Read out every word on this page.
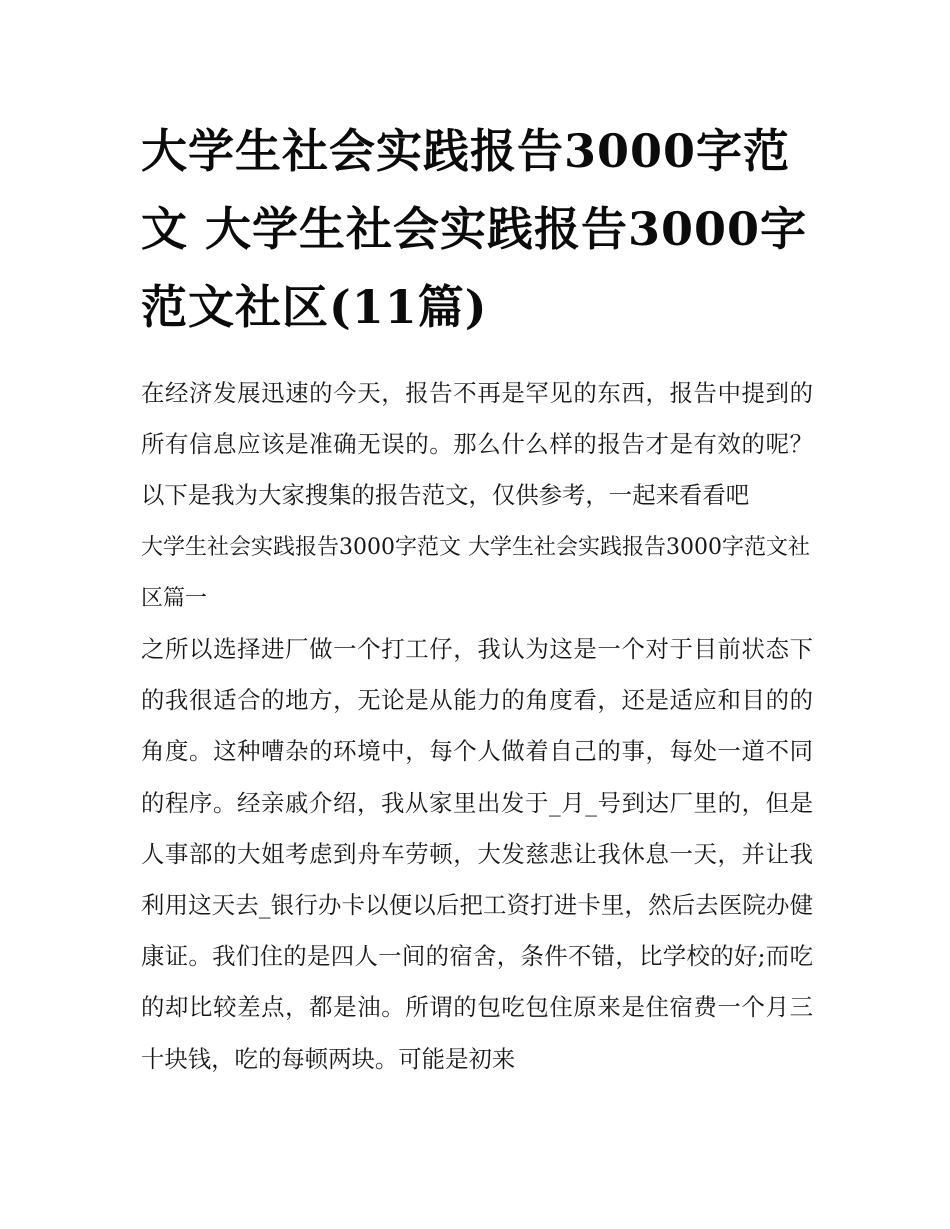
大学生社会实践报告3000字范文 大学生社会实践报告3000字范文社区(11篇)

在经济发展迅速的今天，报告不再是罕见的东西，报告中提到的所有信息应该是准确无误的。那么什么样的报告才是有效的呢？以下是我为大家搜集的报告范文，仅供参考，一起来看看吧

大学生社会实践报告3000字范文 大学生社会实践报告3000字范文社区篇一

之所以选择进厂做一个打工仔，我认为这是一个对于目前状态下的我很适合的地方，无论是从能力的角度看，还是适应和目的的角度。这种嘈杂的环境中，每个人做着自己的事，每处一道不同的程序。经亲戚介绍，我从家里出发于_月_号到达厂里的，但是人事部的大姐考虑到舟车劳顿，大发慈悲让我休息一天，并让我利用这天去_银行办卡以便以后把工资打进卡里，然后去医院办健康证。我们住的是四人一间的宿舍，条件不错，比学校的好;而吃的却比较差点，都是油。所谓的包吃包住原来是住宿费一个月三十块钱，吃的每顿两块。可能是初来
